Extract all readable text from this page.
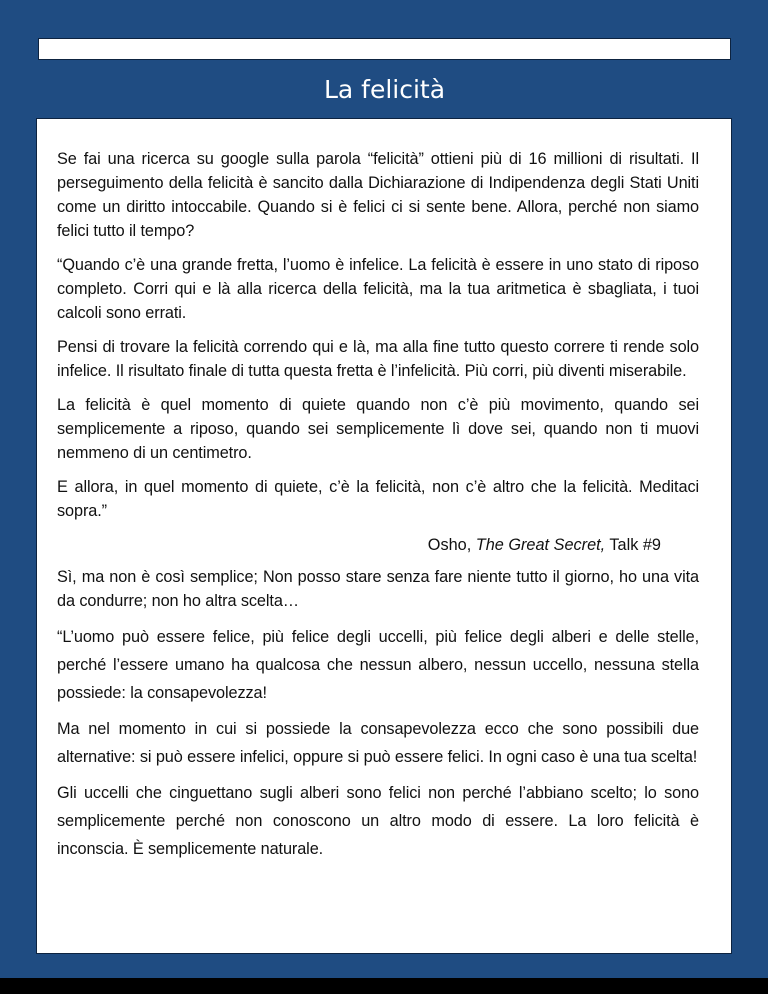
La felicità

Se fai una ricerca su google sulla parola “felicità” ottieni più di 16 millioni di risultati. Il perseguimento della felicità è sancito dalla Dichiarazione di Indipendenza degli Stati Uniti come un diritto intoccabile. Quando si è felici ci si sente bene. Allora, perché non siamo felici tutto il tempo?

“Quando c’è una grande fretta, l’uomo è infelice. La felicità è essere in uno stato di riposo completo. Corri qui e là alla ricerca della felicità, ma la tua aritmetica è sbagliata, i tuoi calcoli sono errati.

Pensi di trovare la felicità correndo qui e là, ma alla fine tutto questo correre ti rende solo infelice. Il risultato finale di tutta questa fretta è l’infelicità. Più corri, più diventi miserabile.

La felicità è quel momento di quiete quando non c’è più movimento, quando sei semplicemente a riposo, quando sei semplicemente lì dove sei, quando non ti muovi nemmeno di un centimetro.

E allora, in quel momento di quiete, c’è la felicità, non c’è altro che la felicità. Meditaci sopra.”

Osho, The Great Secret, Talk #9

Sì, ma non è così semplice; Non posso stare senza fare niente tutto il giorno, ho una vita da condurre; non ho altra scelta…

“L’uomo può essere felice, più felice degli uccelli, più felice degli alberi e delle stelle, perché l’essere umano ha qualcosa che nessun albero, nessun uccello, nessuna stella possiede: la consapevolezza!

Ma nel momento in cui si possiede la consapevolezza ecco che sono possibili due alternative: si può essere infelici, oppure si può essere felici. In ogni caso è una tua scelta!

Gli uccelli che cinguettano sugli alberi sono felici non perché l’abbiano scelto; lo sono semplicemente perché non conoscono un altro modo di essere. La loro felicità è inconscia. È semplicemente naturale.
